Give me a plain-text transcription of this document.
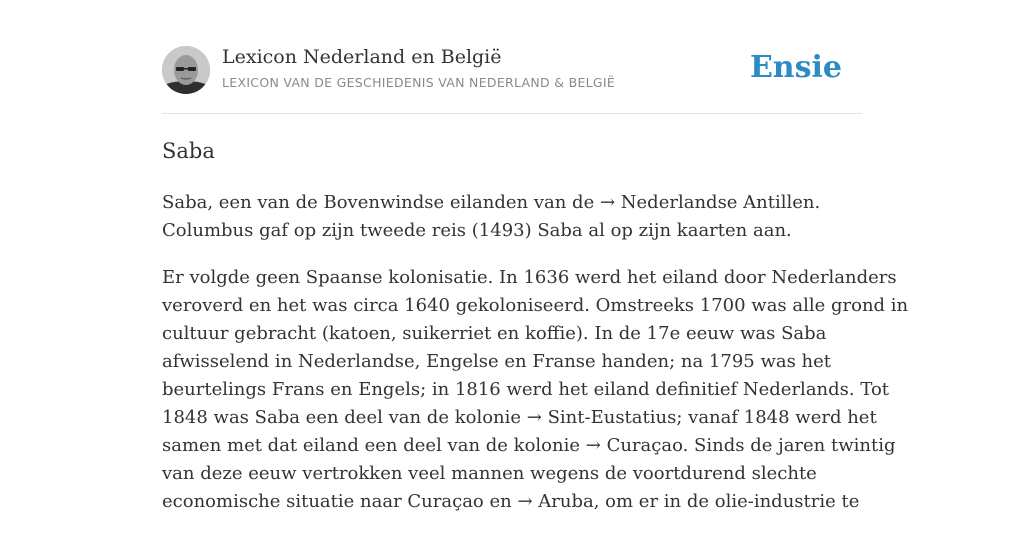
Lexicon Nederland en België
LEXICON VAN DE GESCHIEDENIS VAN NEDERLAND & BELGIË	Ensie
Saba

Saba, een van de Bovenwindse eilanden van de → Nederlandse Antillen.
Columbus gaf op zijn tweede reis (1493) Saba al op zijn kaarten aan.

Er volgde geen Spaanse kolonisatie. In 1636 werd het eiland door Nederlanders
veroverd en het was circa 1640 gekoloniseerd. Omstreeks 1700 was alle grond in
cultuur gebracht (katoen, suikerriet en koffie). In de 17e eeuw was Saba
afwisselend in Nederlandse, Engelse en Franse handen; na 1795 was het
beurtelings Frans en Engels; in 1816 werd het eiland definitief Nederlands. Tot
1848 was Saba een deel van de kolonie → Sint-Eustatius; vanaf 1848 werd het
samen met dat eiland een deel van de kolonie → Curaçao. Sinds de jaren twintig
van deze eeuw vertrokken veel mannen wegens de voortdurend slechte
economische situatie naar Curaçao en → Aruba, om er in de olie-industrie te
